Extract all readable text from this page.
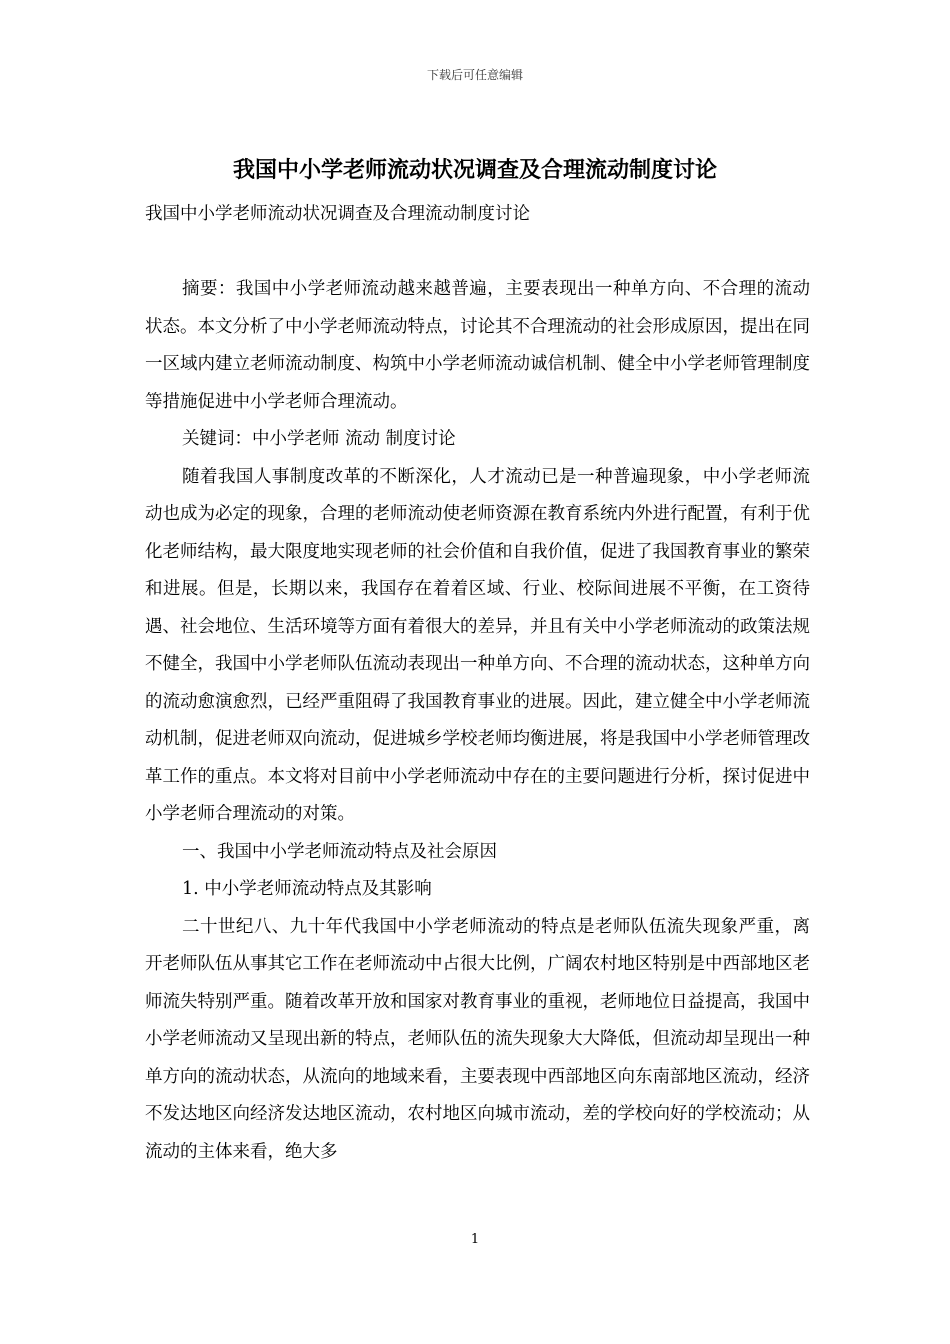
下载后可任意编辑
我国中小学老师流动状况调查及合理流动制度讨论

我国中小学老师流动状况调查及合理流动制度讨论

摘要：我国中小学老师流动越来越普遍，主要表现出一种单方向、不合理的流动状态。本文分析了中小学老师流动特点，讨论其不合理流动的社会形成原因，提出在同一区域内建立老师流动制度、构筑中小学老师流动诚信机制、健全中小学老师管理制度等措施促进中小学老师合理流动。

关键词：中小学老师 流动 制度讨论

随着我国人事制度改革的不断深化，人才流动已是一种普遍现象，中小学老师流动也成为必定的现象，合理的老师流动使老师资源在教育系统内外进行配置，有利于优化老师结构，最大限度地实现老师的社会价值和自我价值，促进了我国教育事业的繁荣和进展。但是，长期以来，我国存在着着区域、行业、校际间进展不平衡，在工资待遇、社会地位、生活环境等方面有着很大的差异，并且有关中小学老师流动的政策法规不健全，我国中小学老师队伍流动表现出一种单方向、不合理的流动状态，这种单方向的流动愈演愈烈，已经严重阻碍了我国教育事业的进展。因此，建立健全中小学老师流动机制，促进老师双向流动，促进城乡学校老师均衡进展，将是我国中小学老师管理改革工作的重点。本文将对目前中小学老师流动中存在的主要问题进行分析，探讨促进中小学老师合理流动的对策。

一、我国中小学老师流动特点及社会原因

1. 中小学老师流动特点及其影响

二十世纪八、九十年代我国中小学老师流动的特点是老师队伍流失现象严重，离开老师队伍从事其它工作在老师流动中占很大比例，广阔农村地区特别是中西部地区老师流失特别严重。随着改革开放和国家对教育事业的重视，老师地位日益提高，我国中小学老师流动又呈现出新的特点，老师队伍的流失现象大大降低，但流动却呈现出一种单方向的流动状态，从流向的地域来看，主要表现中西部地区向东南部地区流动，经济不发达地区向经济发达地区流动，农村地区向城市流动，差的学校向好的学校流动；从流动的主体来看，绝大多

1
